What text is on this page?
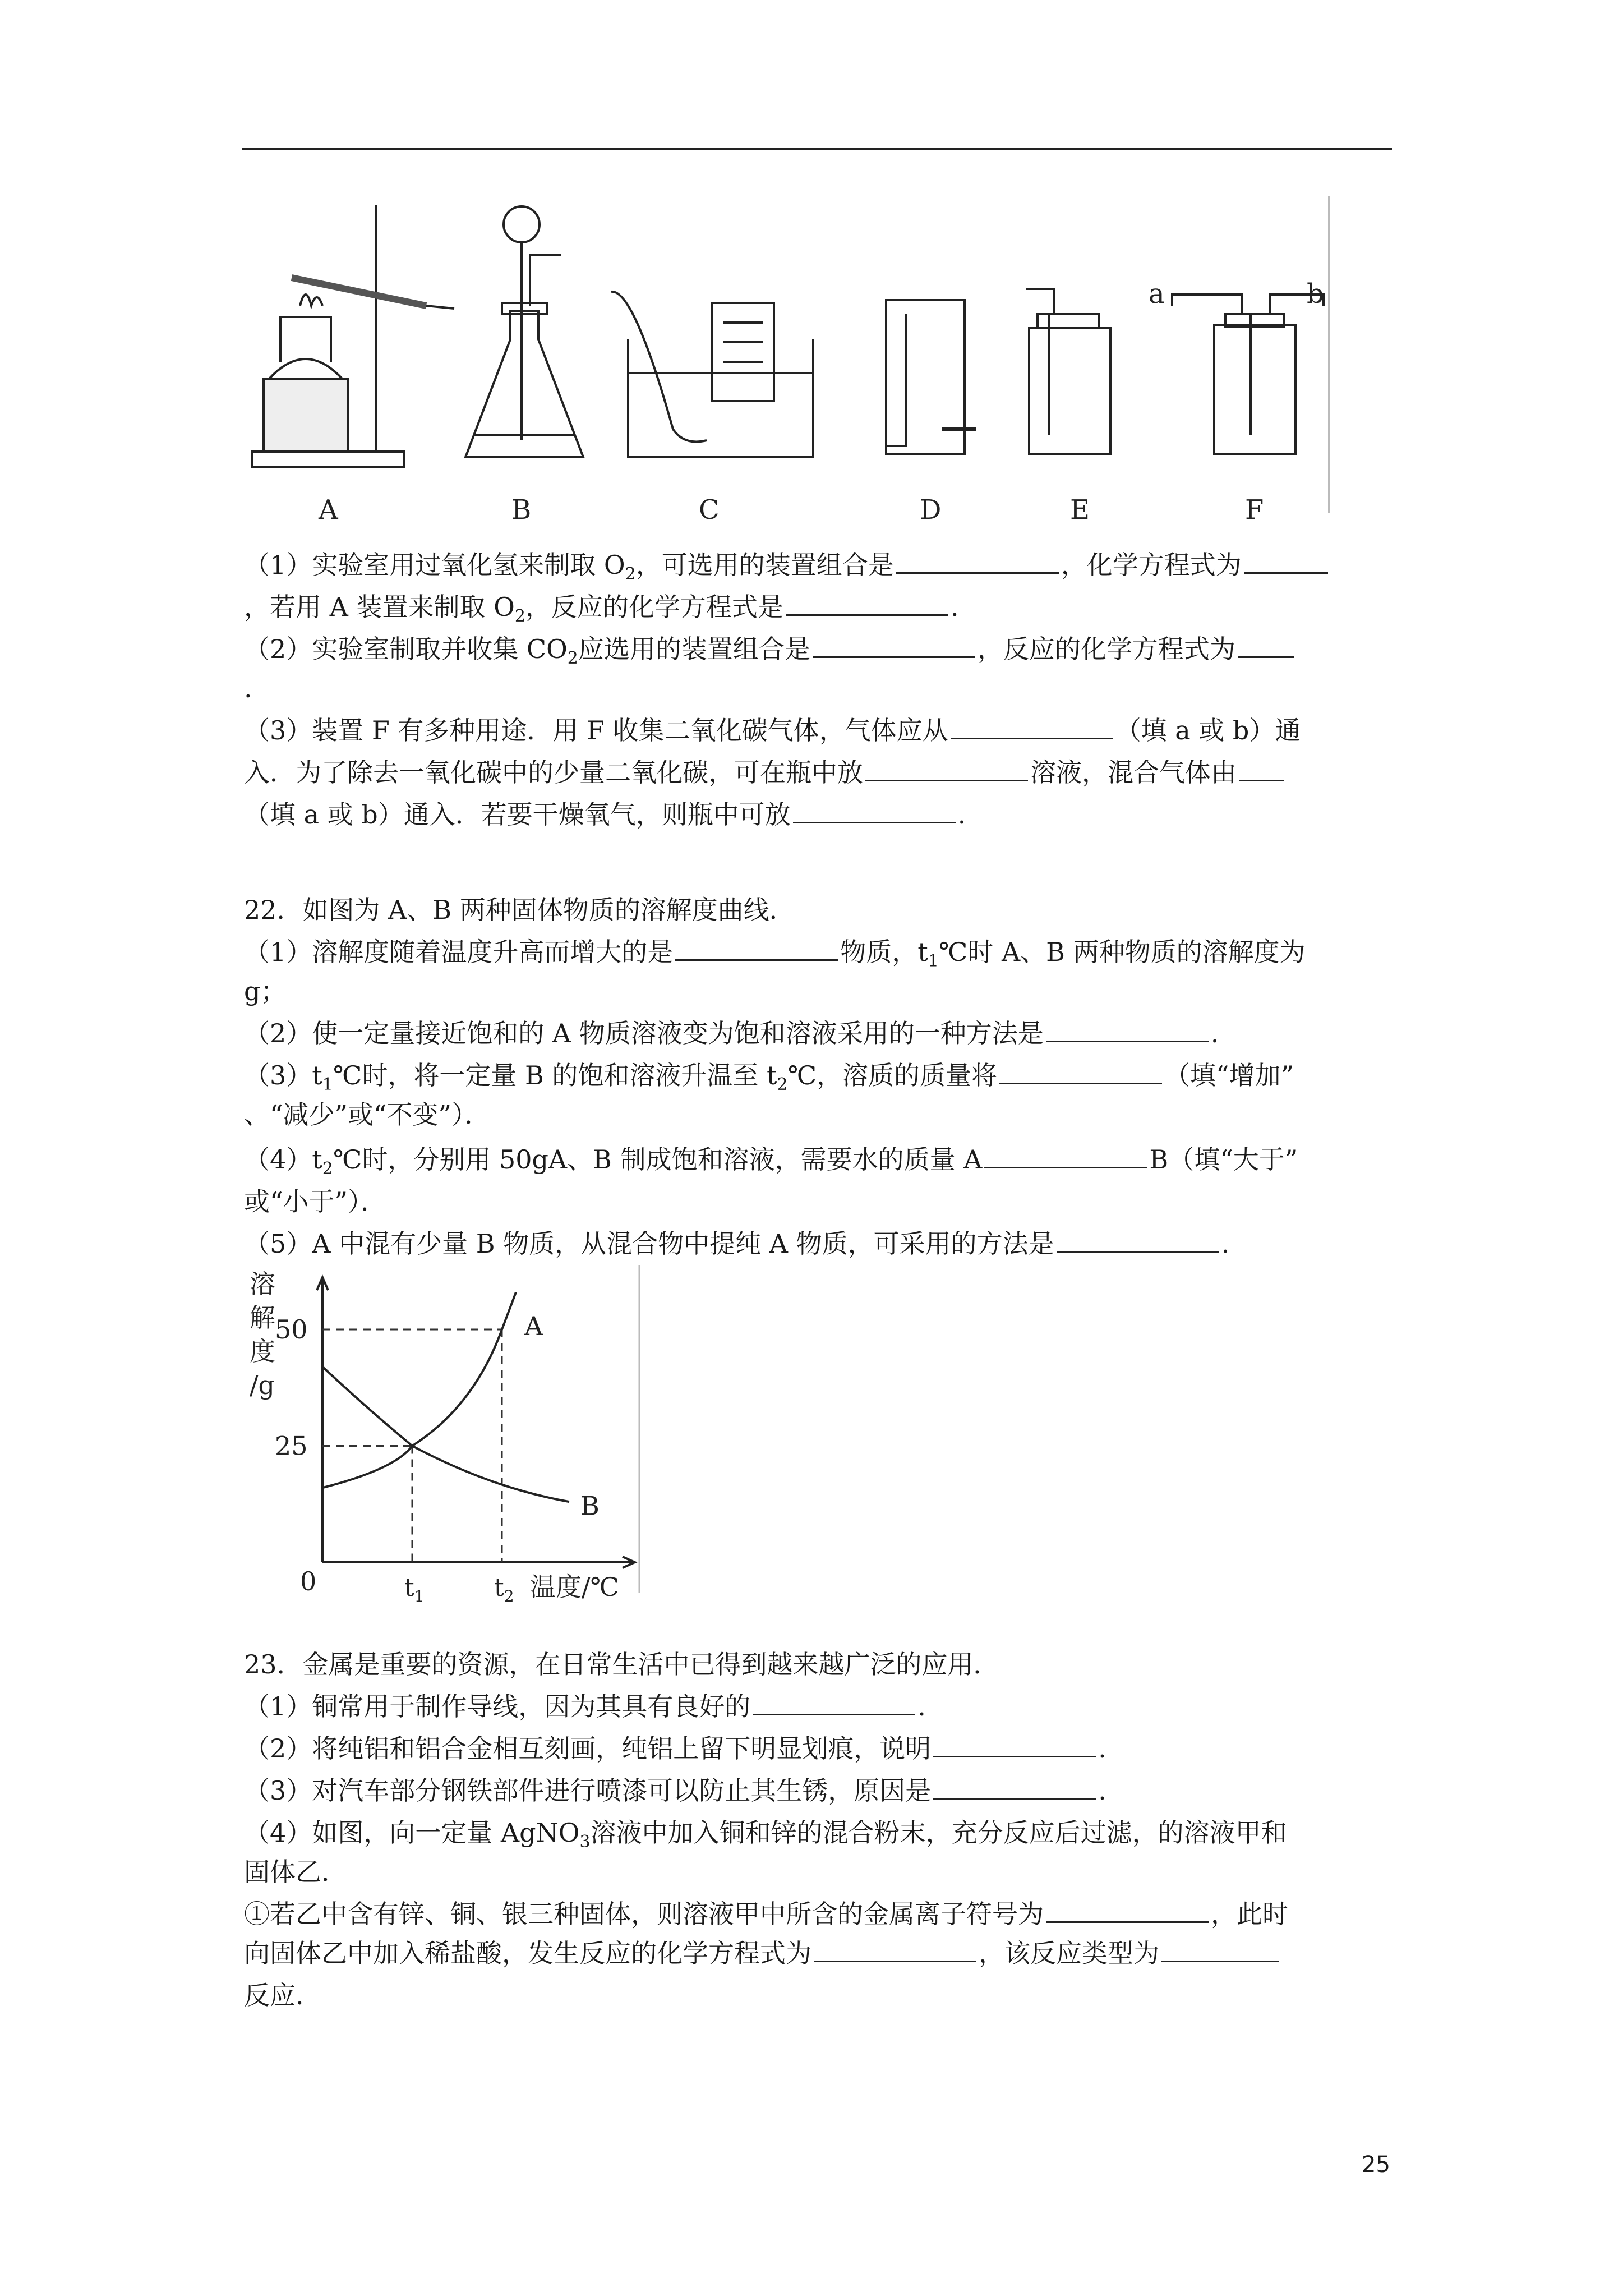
A	B	C	D	E	F
a	b
（1）实验室用过氧化氢来制取 $O_2$，可选用的装置组合是	，化学方程式为
，若用 A 装置来制取 $O_2$，反应的化学方程式是	.
（2）实验室制取并收集 $CO_2$应选用的装置组合是	，反应的化学方程式为
.
（3）装置 F 有多种用途．用 F 收集二氧化碳气体，气体应从	（填 a 或 b）通
入．为了除去一氧化碳中的少量二氧化碳，可在瓶中放	溶液，混合气体由
（填 a 或 b）通入．若要干燥氧气，则瓶中可放	.
22．如图为 A、B 两种固体物质的溶解度曲线．
（1）溶解度随着温度升高而增大的是	物质，$t_1℃$时 A、B 两种物质的溶解度为
g；
（2）使一定量接近饱和的 A 物质溶液变为饱和溶液采用的一种方法是	.
$(3)t_1℃$时，将一定量 B 的饱和溶液升温至 $t_2℃$，溶质的质量将	（填“增加”
、“减少”或“不变”）．
$(4)t_2℃$时，分别用 50gA、B 制成饱和溶液，需要水的质量 A	B（填“大于”
或“小于”）．
（5）A 中混有少量 B 物质，从混合物中提纯 A 物质，可采用的方法是	.
溶
解
度
/g
0	温度/℃
25
50
$t_1$	$t_2$
A
B
23．金属是重要的资源，在日常生活中已得到越来越广泛的应用．
（1）铜常用于制作导线，因为其具有良好的	.
（2）将纯铝和铝合金相互刻画，纯铝上留下明显划痕，说明	.
（3）对汽车部分钢铁部件进行喷漆可以防止其生锈，原因是	.
（4）如图，向一定量 AgNO$_3$溶液中加入铜和锌的混合粉末，充分反应后过滤，的溶液甲和
固体乙．
①若乙中含有锌、铜、银三种固体，则溶液甲中所含的金属离子符号为	，此时
向固体乙中加入稀盐酸，发生反应的化学方程式为	，该反应类型为
反应.
25
